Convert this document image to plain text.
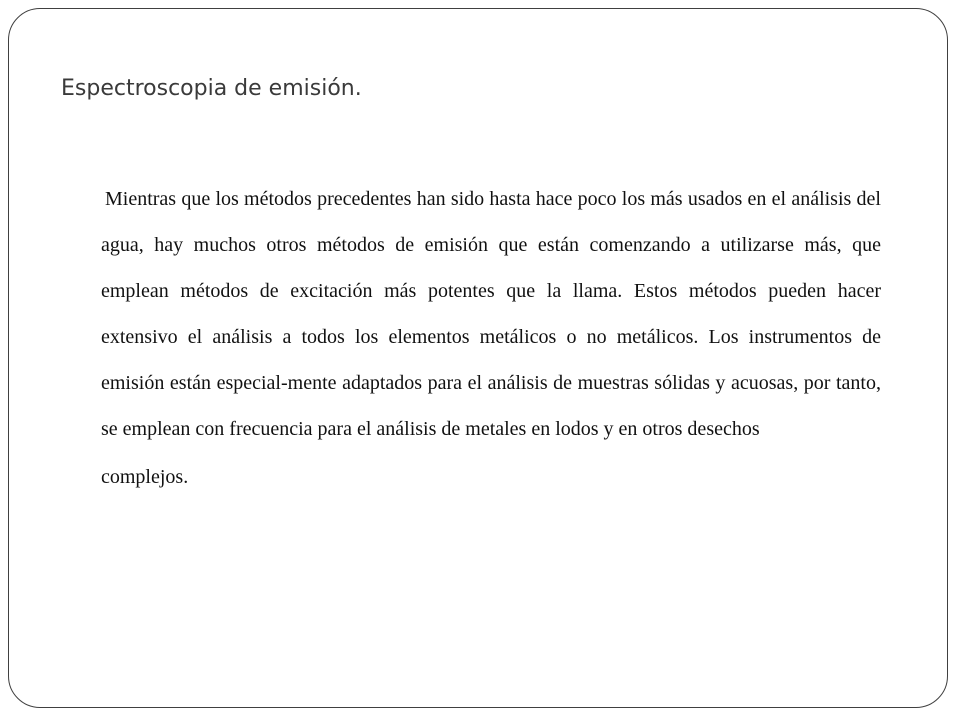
Espectroscopia de emisión.

Mientras que los métodos precedentes han sido hasta hace poco los más usados en el análisis del agua, hay muchos otros métodos de emisión que están comenzando a utilizarse más, que emplean métodos de excitación más potentes que la llama. Estos métodos pueden hacer extensivo el análisis a todos los elementos metálicos o no metálicos. Los instrumentos de emisión están especial-mente adaptados para el análisis de muestras sólidas y acuosas, por tanto, se emplean con frecuencia para el análisis de metales en lodos y en otros desechos
complejos.
